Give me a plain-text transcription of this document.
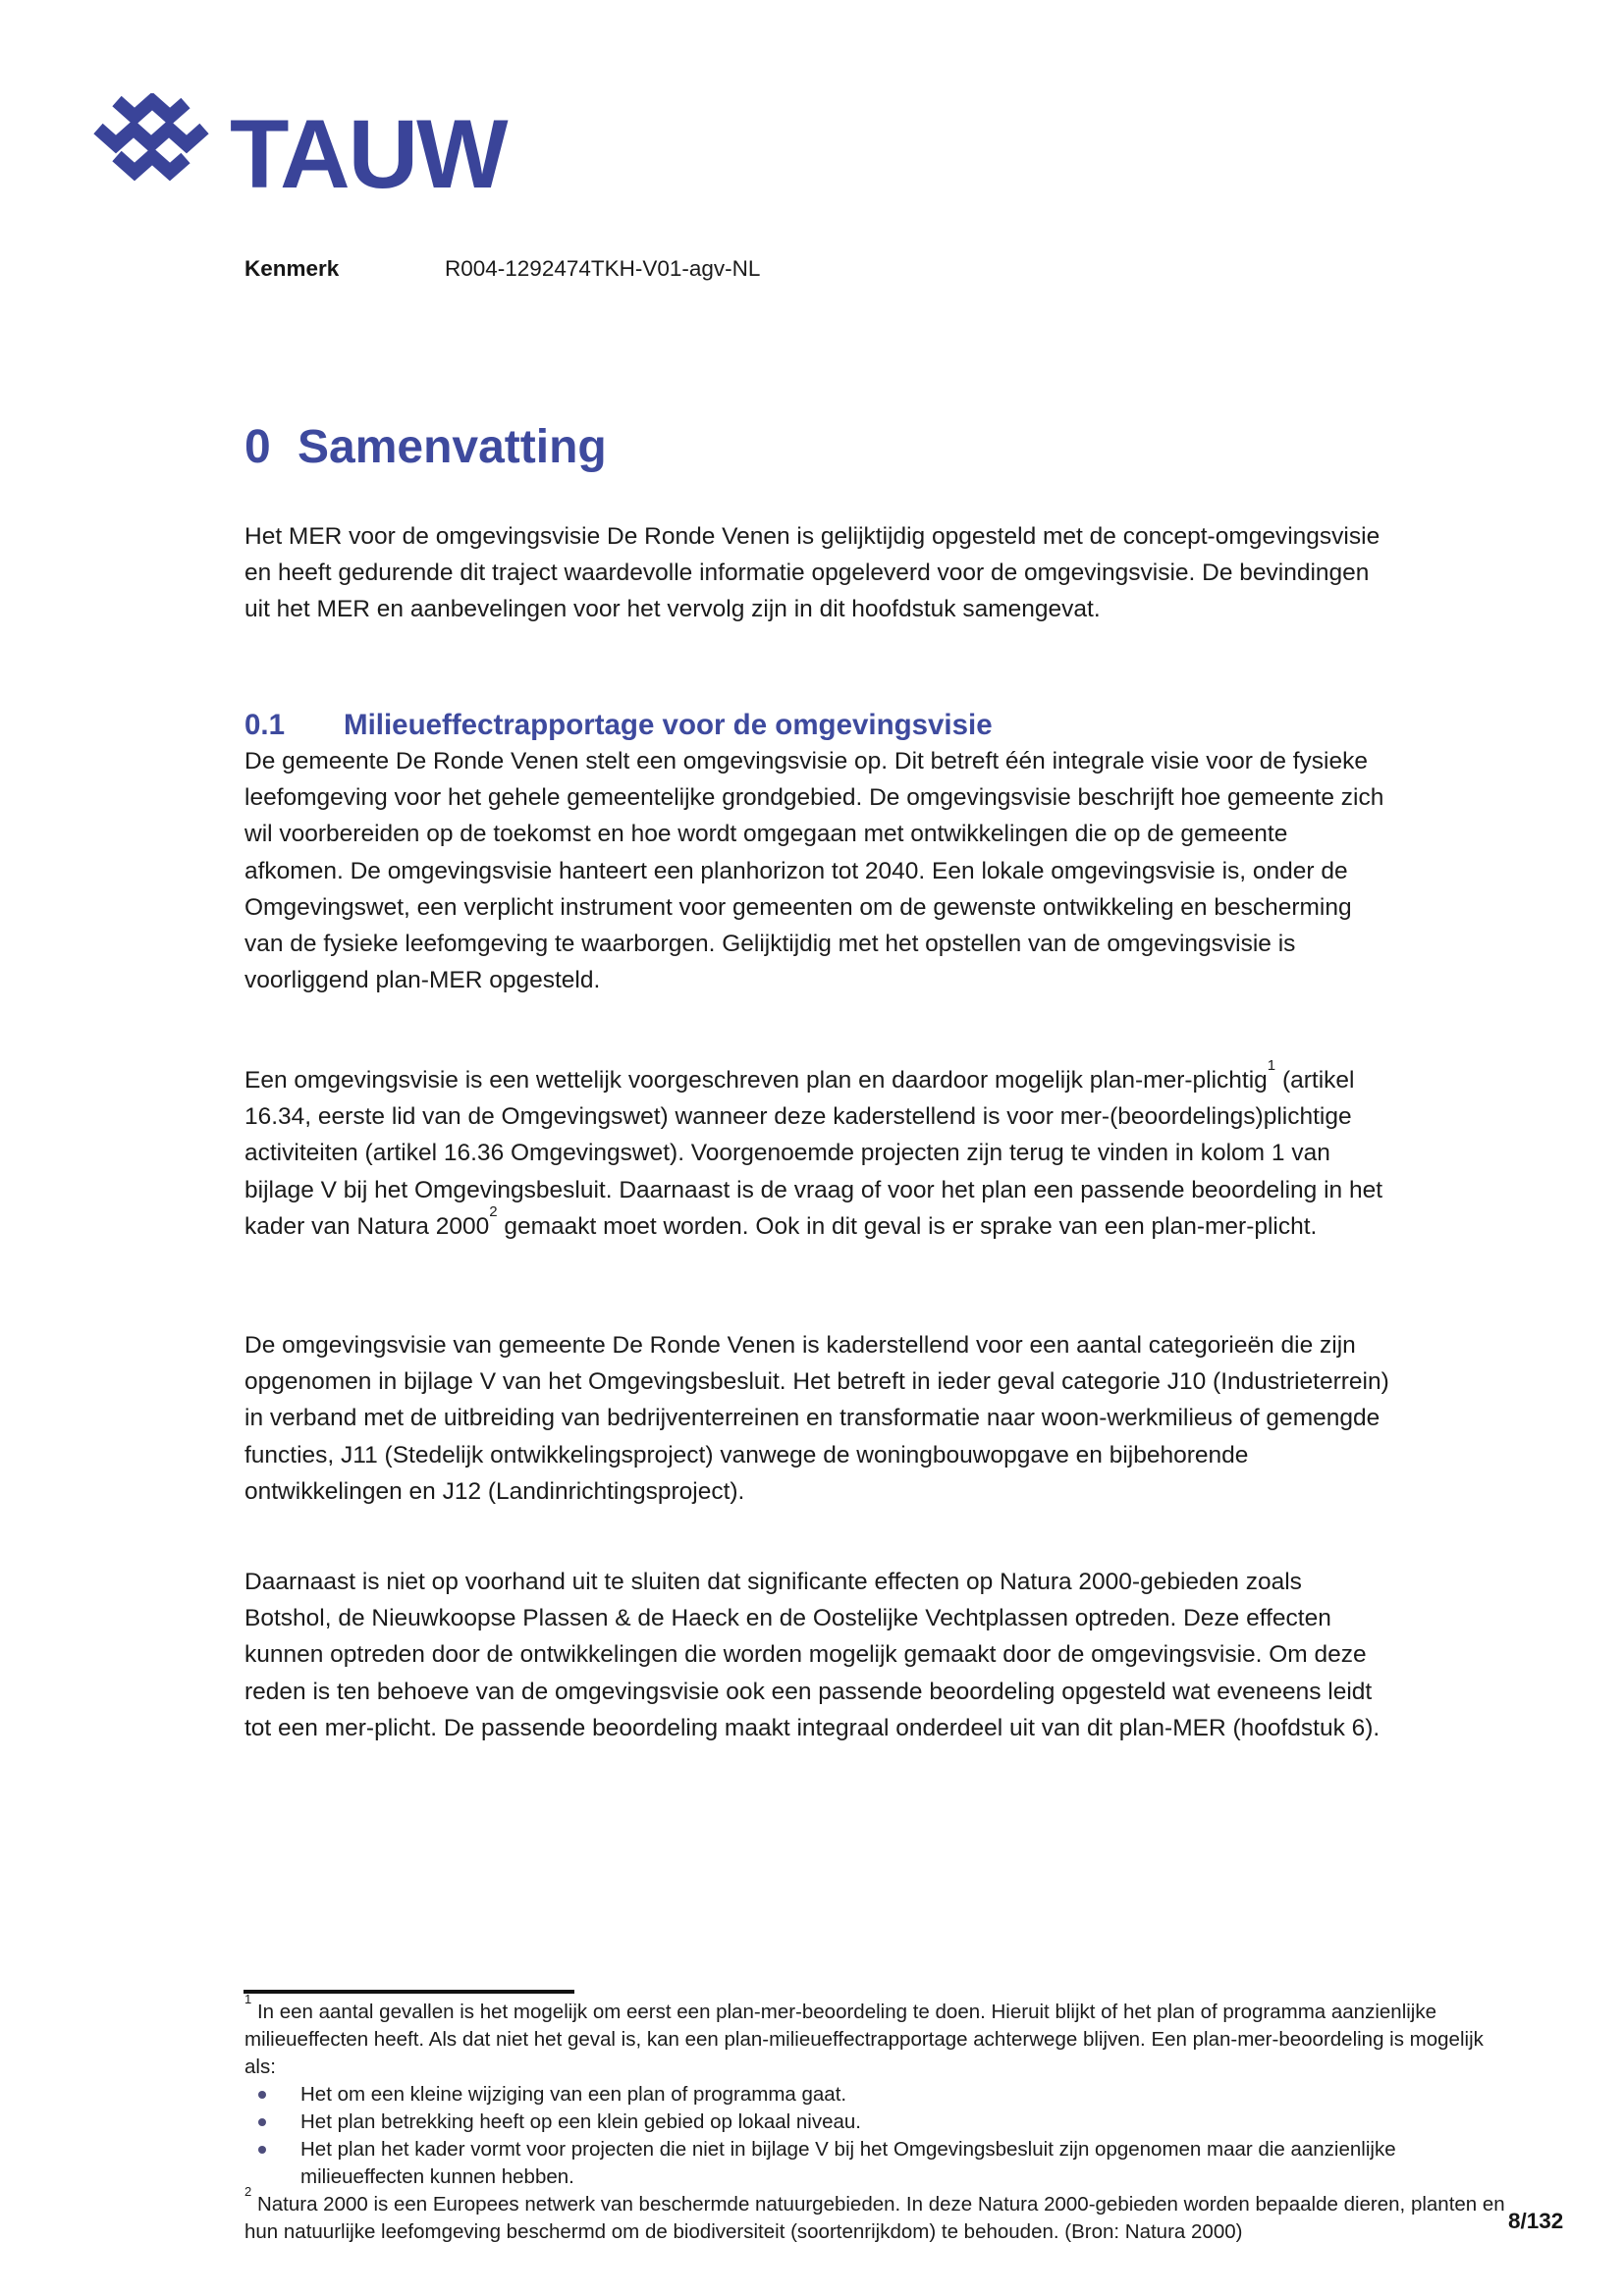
TAUW
Kenmerk	R004-1292474TKH-V01-agv-NL
0 Samenvatting

Het MER voor de omgevingsvisie De Ronde Venen is gelijktijdig opgesteld met de concept-omgevingsvisie en heeft gedurende dit traject waardevolle informatie opgeleverd voor de omgevingsvisie. De bevindingen uit het MER en aanbevelingen voor het vervolg zijn in dit hoofdstuk samengevat.

0.1 Milieueffectrapportage voor de omgevingsvisie

De gemeente De Ronde Venen stelt een omgevingsvisie op. Dit betreft één integrale visie voor de fysieke leefomgeving voor het gehele gemeentelijke grondgebied. De omgevingsvisie beschrijft hoe gemeente zich wil voorbereiden op de toekomst en hoe wordt omgegaan met ontwikkelingen die op de gemeente afkomen. De omgevingsvisie hanteert een planhorizon tot 2040. Een lokale omgevingsvisie is, onder de Omgevingswet, een verplicht instrument voor gemeenten om de gewenste ontwikkeling en bescherming van de fysieke leefomgeving te waarborgen. Gelijktijdig met het opstellen van de omgevingsvisie is voorliggend plan-MER opgesteld.

Een omgevingsvisie is een wettelijk voorgeschreven plan en daardoor mogelijk plan-mer-plichtig$^1$ (artikel 16.34, eerste lid van de Omgevingswet) wanneer deze kaderstellend is voor mer-(beoordelings)plichtige activiteiten (artikel 16.36 Omgevingswet). Voorgenoemde projecten zijn terug te vinden in kolom 1 van bijlage V bij het Omgevingsbesluit. Daarnaast is de vraag of voor het plan een passende beoordeling in het kader van Natura 2000$^2$ gemaakt moet worden. Ook in dit geval is er sprake van een plan-mer-plicht.

De omgevingsvisie van gemeente De Ronde Venen is kaderstellend voor een aantal categorieën die zijn opgenomen in bijlage V van het Omgevingsbesluit. Het betreft in ieder geval categorie J10 (Industrieterrein) in verband met de uitbreiding van bedrijventerreinen en transformatie naar woon-werkmilieus of gemengde functies, J11 (Stedelijk ontwikkelingsproject) vanwege de woningbouwopgave en bijbehorende ontwikkelingen en J12 (Landinrichtingsproject).

Daarnaast is niet op voorhand uit te sluiten dat significante effecten op Natura 2000-gebieden zoals Botshol, de Nieuwkoopse Plassen & de Haeck en de Oostelijke Vechtplassen optreden. Deze effecten kunnen optreden door de ontwikkelingen die worden mogelijk gemaakt door de omgevingsvisie. Om deze reden is ten behoeve van de omgevingsvisie ook een passende beoordeling opgesteld wat eveneens leidt tot een mer-plicht. De passende beoordeling maakt integraal onderdeel uit van dit plan-MER (hoofdstuk 6).

$^1$ In een aantal gevallen is het mogelijk om eerst een plan-mer-beoordeling te doen. Hieruit blijkt of het plan of programma aanzienlijke milieueffecten heeft. Als dat niet het geval is, kan een plan-milieueffectrapportage achterwege blijven. Een plan-mer-beoordeling is mogelijk als:

Het om een kleine wijziging van een plan of programma gaat.
Het plan betrekking heeft op een klein gebied op lokaal niveau.
Het plan het kader vormt voor projecten die niet in bijlage V bij het Omgevingsbesluit zijn opgenomen maar die aanzienlijke milieueffecten kunnen hebben.

$^2$ Natura 2000 is een Europees netwerk van beschermde natuurgebieden. In deze Natura 2000-gebieden worden bepaalde dieren, planten en hun natuurlijke leefomgeving beschermd om de biodiversiteit (soortenrijkdom) te behouden. (Bron: Natura 2000)	8/132
